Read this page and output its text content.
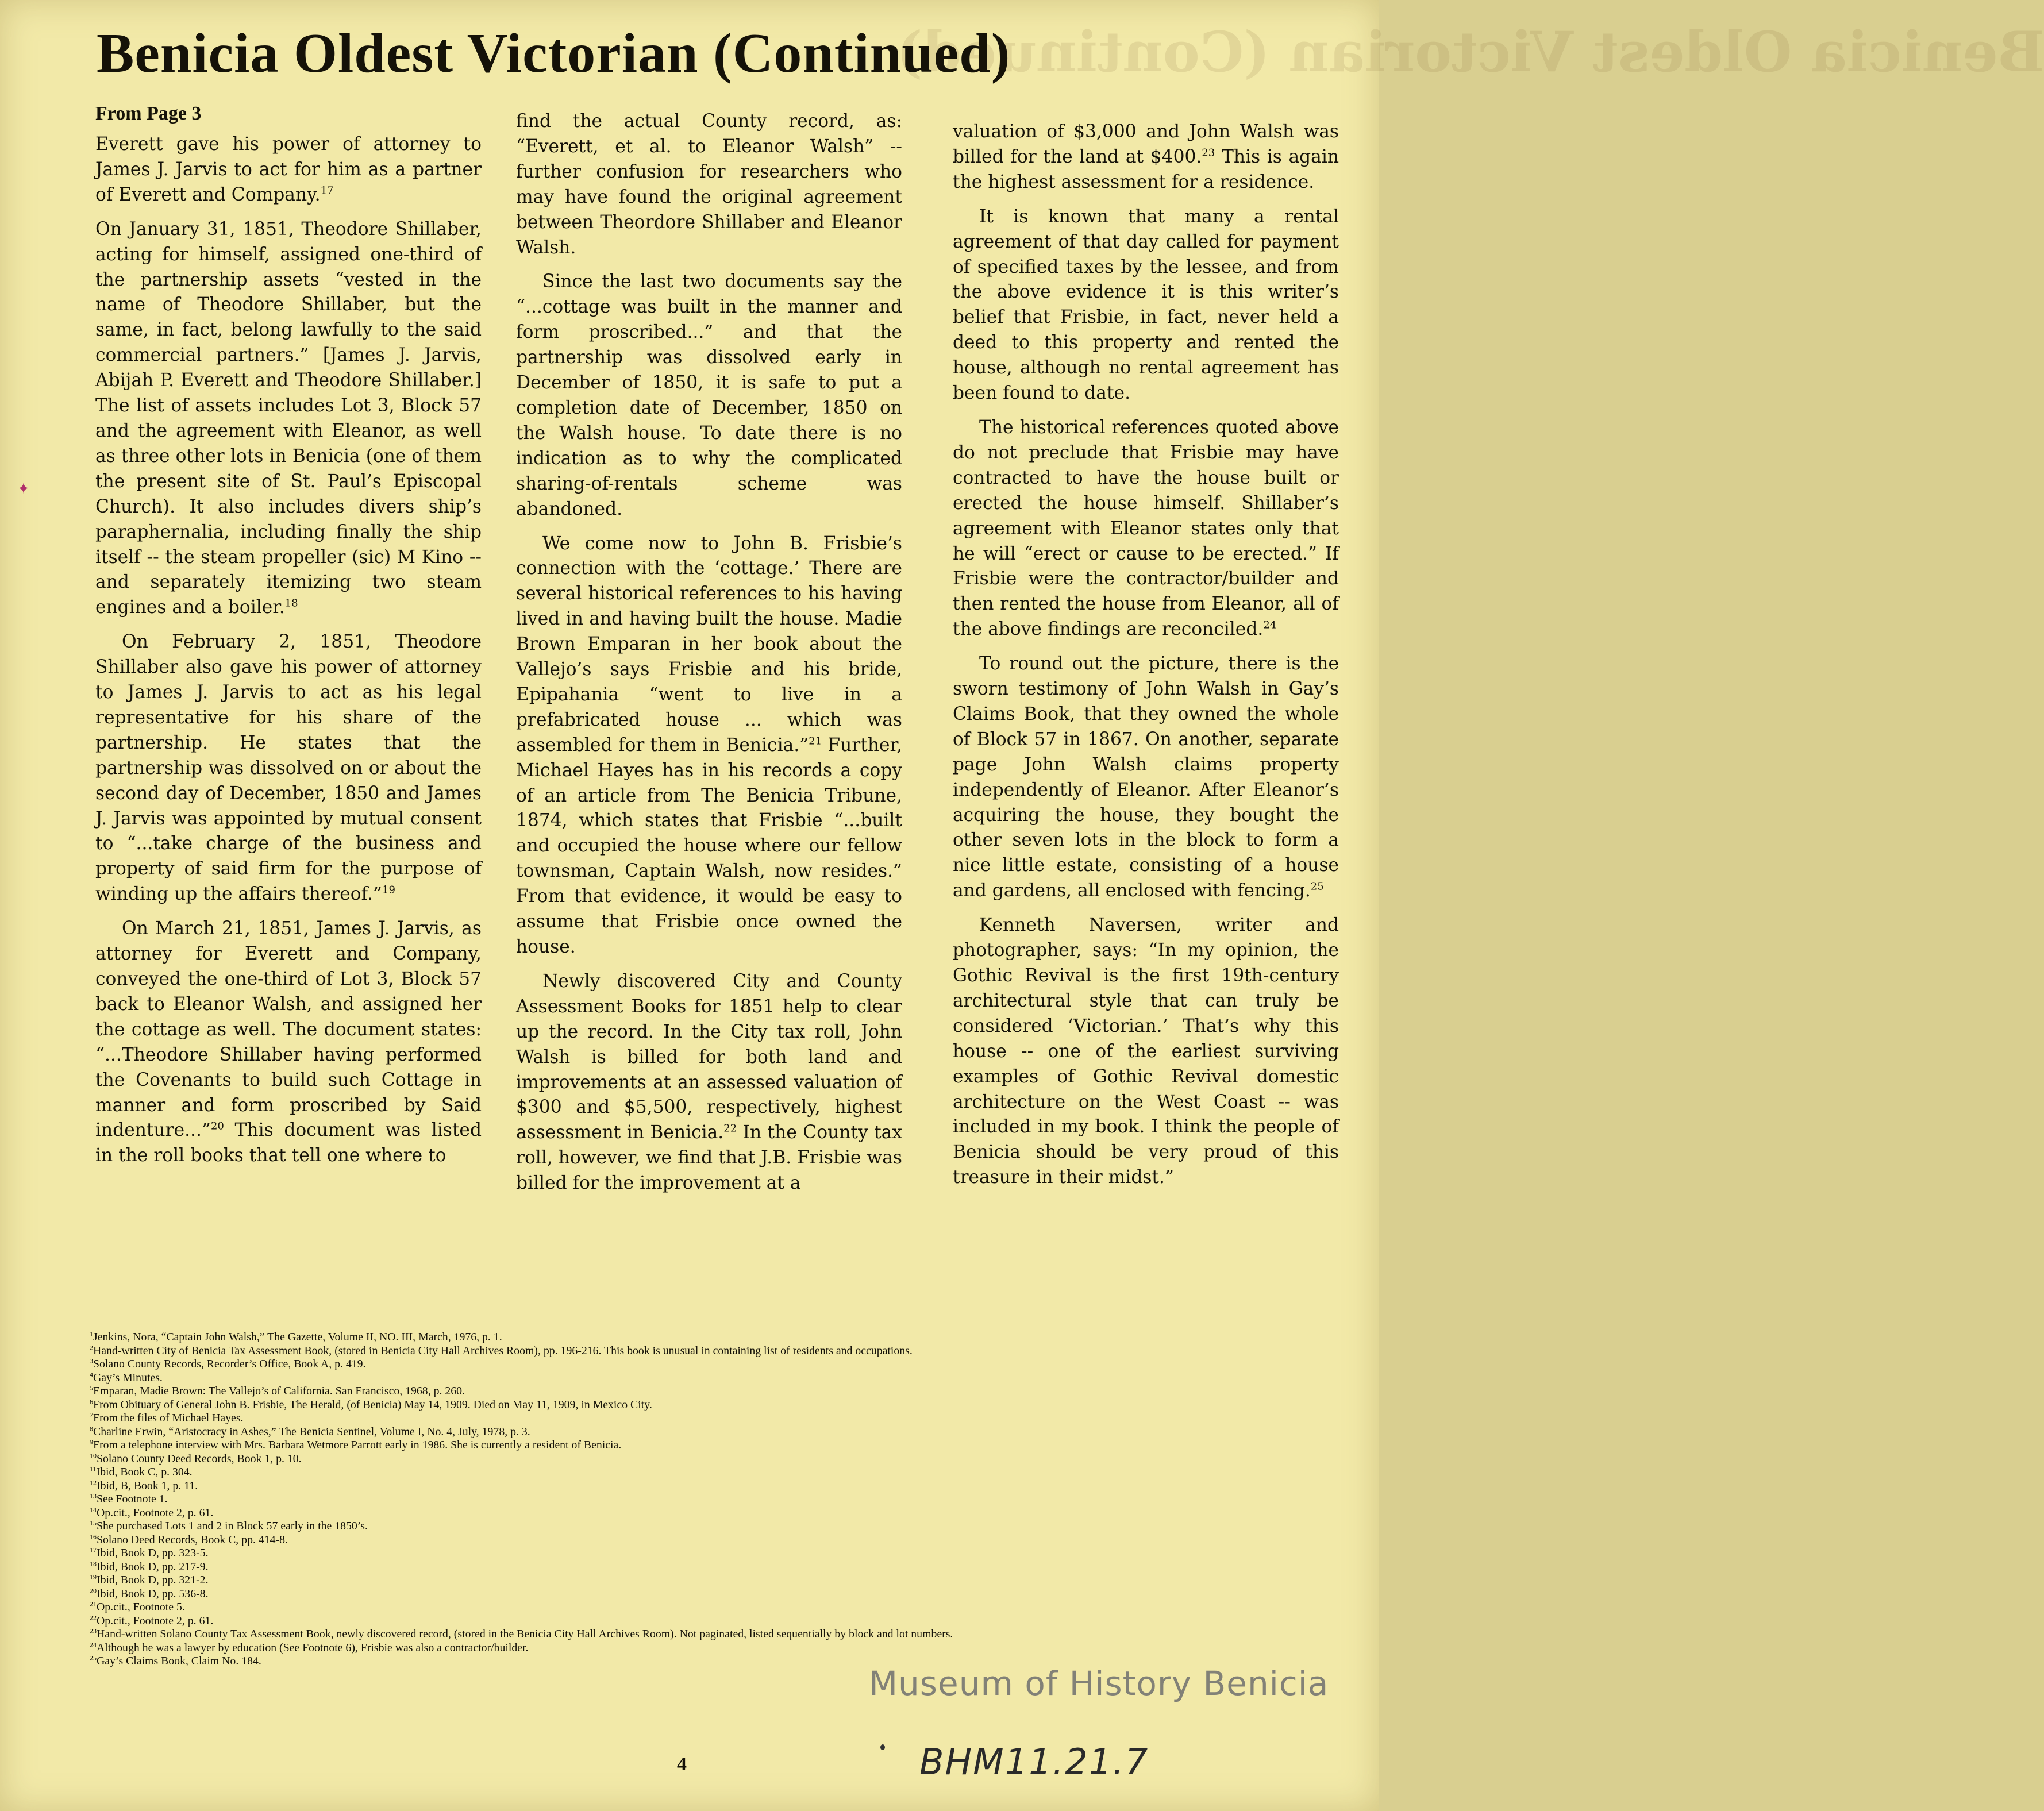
Benicia Oldest Victorian (Continued)
Benicia Oldest Victorian (Continued)
From Page 3

Everett gave his power of attorney to James J. Jarvis to act for him as a partner of Everett and Company.$^{17}$

On January 31, 1851, Theodore Shillaber, acting for himself, assigned one-third of the partnership assets “vested in the name of Theodore Shillaber, but the same, in fact, belong lawfully to the said commercial partners.” [James J. Jarvis, Abijah P. Everett and Theodore Shillaber.] The list of assets includes Lot 3, Block 57 and the agreement with Eleanor, as well as three other lots in Benicia (one of them the present site of St. Paul’s Episcopal Church). It also includes divers ship’s paraphernalia, including finally the ship itself -- the steam propeller (sic) M Kino -- and separately itemizing two steam engines and a boiler.$^{18}$

On February 2, 1851, Theodore Shillaber also gave his power of attorney to James J. Jarvis to act as his legal representative for his share of the partnership. He states that the partnership was dissolved on or about the second day of December, 1850 and James J. Jarvis was appointed by mutual consent to “...take charge of the business and property of said firm for the purpose of winding up the affairs thereof.”$^{19}$

On March 21, 1851, James J. Jarvis, as attorney for Everett and Company, conveyed the one-third of Lot 3, Block 57 back to Eleanor Walsh, and assigned her the cottage as well. The document states: “...Theodore Shillaber having performed the Covenants to build such Cottage in manner and form proscribed by Said indenture...”$^{20}$ This document was listed in the roll books that tell one where to

find the actual County record, as: “Everett, et al. to Eleanor Walsh” -- further confusion for researchers who may have found the original agreement between Theordore Shillaber and Eleanor Walsh.

Since the last two documents say the “...cottage was built in the manner and form proscribed...” and that the partnership was dissolved early in December of 1850, it is safe to put a completion date of December, 1850 on the Walsh house. To date there is no indication as to why the complicated sharing-of-rentals scheme was abandoned.

We come now to John B. Frisbie’s connection with the ‘cottage.’ There are several historical references to his having lived in and having built the house. Madie Brown Emparan in her book about the Vallejo’s says Frisbie and his bride, Epipahania “went to live in a prefabricated house ... which was assembled for them in Benicia.”$^{21}$ Further, Michael Hayes has in his records a copy of an article from The Benicia Tribune, 1874, which states that Frisbie “...built and occupied the house where our fellow townsman, Captain Walsh, now resides.” From that evidence, it would be easy to assume that Frisbie once owned the house.

Newly discovered City and County Assessment Books for 1851 help to clear up the record. In the City tax roll, John Walsh is billed for both land and improvements at an assessed valuation of $300 and $5,500, respectively, highest assessment in Benicia.$^{22}$ In the County tax roll, however, we find that J.B. Frisbie was billed for the improvement at a

valuation of $3,000 and John Walsh was billed for the land at $400.23 This is again the highest assessment for a residence.

It is known that many a rental agreement of that day called for payment of specified taxes by the lessee, and from the above evidence it is this writer’s belief that Frisbie, in fact, never held a deed to this property and rented the house, although no rental agreement has been found to date.

The historical references quoted above do not preclude that Frisbie may have contracted to have the house built or erected the house himself. Shillaber’s agreement with Eleanor states only that he will “erect or cause to be erected.” If Frisbie were the contractor/builder and then rented the house from Eleanor, all of the above findings are reconciled.$^{24}$

To round out the picture, there is the sworn testimony of John Walsh in Gay’s Claims Book, that they owned the whole of Block 57 in 1867. On another, separate page John Walsh claims property independently of Eleanor. After Eleanor’s acquiring the house, they bought the other seven lots in the block to form a nice little estate, consisting of a house and gardens, all enclosed with fencing.$^{25}$

Kenneth Naversen, writer and photographer, says: “In my opinion, the Gothic Revival is the first 19th-century architectural style that can truly be considered ‘Victorian.’ That’s why this house -- one of the earliest surviving examples of Gothic Revival domestic architecture on the West Coast -- was included in my book. I think the people of Benicia should be very proud of this treasure in their midst.”

$^1$Jenkins, Nora, “Captain John Walsh,” The Gazette, Volume II, NO. III, March, 1976, p. 1.
$^2$Hand-written City of Benicia Tax Assessment Book, (stored in Benicia City Hall Archives Room), pp. 196-216. This book is unusual in containing list of residents and occupations.
$^3$Solano County Records, Recorder’s Office, Book A, p. 419.
$^4$Gay’s Minutes.
$^5$Emparan, Madie Brown: The Vallejo’s of California. San Francisco, 1968, p. 260.
$^6$From Obituary of General John B. Frisbie, The Herald, (of Benicia) May 14, 1909. Died on May 11, 1909, in Mexico City.
$^7$From the files of Michael Hayes.
$^8$Charline Erwin, “Aristocracy in Ashes,” The Benicia Sentinel, Volume I, No. 4, July, 1978, p. 3.
$^9$From a telephone interview with Mrs. Barbara Wetmore Parrott early in 1986. She is currently a resident of Benicia.
$^{10}$Solano County Deed Records, Book 1, p. 10.
$^{11}$Ibid, Book C, p. 304.
$^{12}$Ibid, B, Book 1, p. 11.
$^{13}$See Footnote 1.
$^{14}$Op.cit., Footnote 2, p. 61.
$^{15}$She purchased Lots 1 and 2 in Block 57 early in the 1850’s.
$^{16}$Solano Deed Records, Book C, pp. 414-8.
$^{17}$Ibid, Book D, pp. 323-5.
$^{18}$Ibid, Book D, pp. 217-9.
$^{19}$Ibid, Book D, pp. 321-2.
$^{20}$Ibid, Book D, pp. 536-8.
$^{21}$Op.cit., Footnote 5.
$^{22}$Op.cit., Footnote 2, p. 61.
$^{23}$Hand-written Solano County Tax Assessment Book, newly discovered record, (stored in the Benicia City Hall Archives Room). Not paginated, listed sequentially by block and lot numbers.
$^{24}$Although he was a lawyer by education (See Footnote 6), Frisbie was also a contractor/builder.
$^{25}$Gay’s Claims Book, Claim No. 184.
✦
4
Museum of History Benicia
BHM11.21.7
